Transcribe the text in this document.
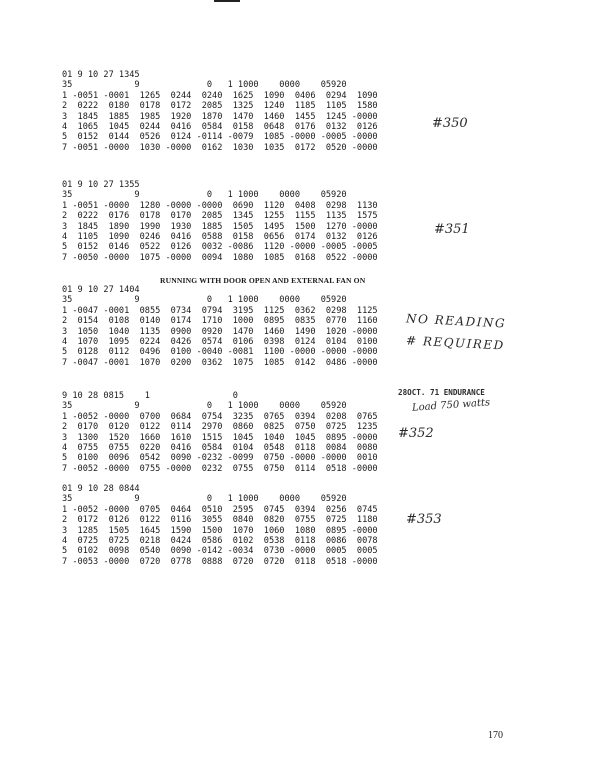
01 9 10 27 1345
35            9             0   1 1000    0000    05920
1 -0051 -0001  1265  0244  0240  1625  1090  0406  0294  1090
2  0222  0180  0178  0172  2085  1325  1240  1185  1105  1580
3  1845  1885  1985  1920  1870  1470  1460  1455  1245 -0000
4  1065  1045  0244  0416  0584  0158  0648  0176  0132  0126
5  0152  0144  0526  0124 -0114 -0079  1085 -0000 -0005 -0000
7 -0051 -0000  1030 -0000  0162  1030  1035  0172  0520 -0000
01 9 10 27 1355
35            9             0   1 1000    0000    05920
1 -0051 -0000  1280 -0000 -0000  0690  1120  0408  0298  1130
2  0222  0176  0178  0170  2085  1345  1255  1155  1135  1575
3  1845  1890  1990  1930  1885  1505  1495  1500  1270 -0000
4  1105  1090  0246  0416  0588  0158  0656  0174  0132  0126
5  0152  0146  0522  0126  0032 -0086  1120 -0000 -0005 -0005
7 -0050 -0000  1075 -0000  0094  1080  1085  0168  0522 -0000
RUNNING WITH DOOR OPEN AND EXTERNAL FAN ON
01 9 10 27 1404
35            9             0   1 1000    0000    05920
1 -0047 -0001  0855  0734  0794  3195  1125  0362  0298  1125
2  0154  0108  0140  0174  1710  1000  0895  0835  0770  1160
3  1050  1040  1135  0900  0920  1470  1460  1490  1020 -0000
4  1070  1095  0224  0426  0574  0106  0398  0124  0104  0100
5  0128  0112  0496  0100 -0040 -0081  1100 -0000 -0000 -0000
7 -0047 -0001  1070  0200  0362  1075  1085  0142  0486 -0000
9 10 28 0815    1                0
35            9             0   1 1000    0000    05920
1 -0052 -0000  0700  0684  0754  3235  0765  0394  0208  0765
2  0170  0120  0122  0114  2970  0860  0825  0750  0725  1235
3  1300  1520  1660  1610  1515  1045  1040  1045  0895 -0000
4  0755  0755  0220  0416  0584  0104  0548  0118  0084  0080
5  0100  0096  0542  0090 -0232 -0099  0750 -0000 -0000  0010
7 -0052 -0000  0755 -0000  0232  0755  0750  0114  0518 -0000
01 9 10 28 0844
35            9             0   1 1000    0000    05920
1 -0052 -0000  0705  0464  0510  2595  0745  0394  0256  0745
2  0172  0126  0122  0116  3055  0840  0820  0755  0725  1180
3  1285  1505  1645  1590  1500  1070  1060  1080  0895 -0000
4  0725  0725  0218  0424  0586  0102  0538  0118  0086  0078
5  0102  0098  0540  0090 -0142 -0034  0730 -0000  0005  0005
7 -0053 -0000  0720  0778  0888  0720  0720  0118  0518 -0000
#350
#351
NO READING
# REQUIRED
28OCT. 71 ENDURANCE
Load 750 watts
#352
#353
170
